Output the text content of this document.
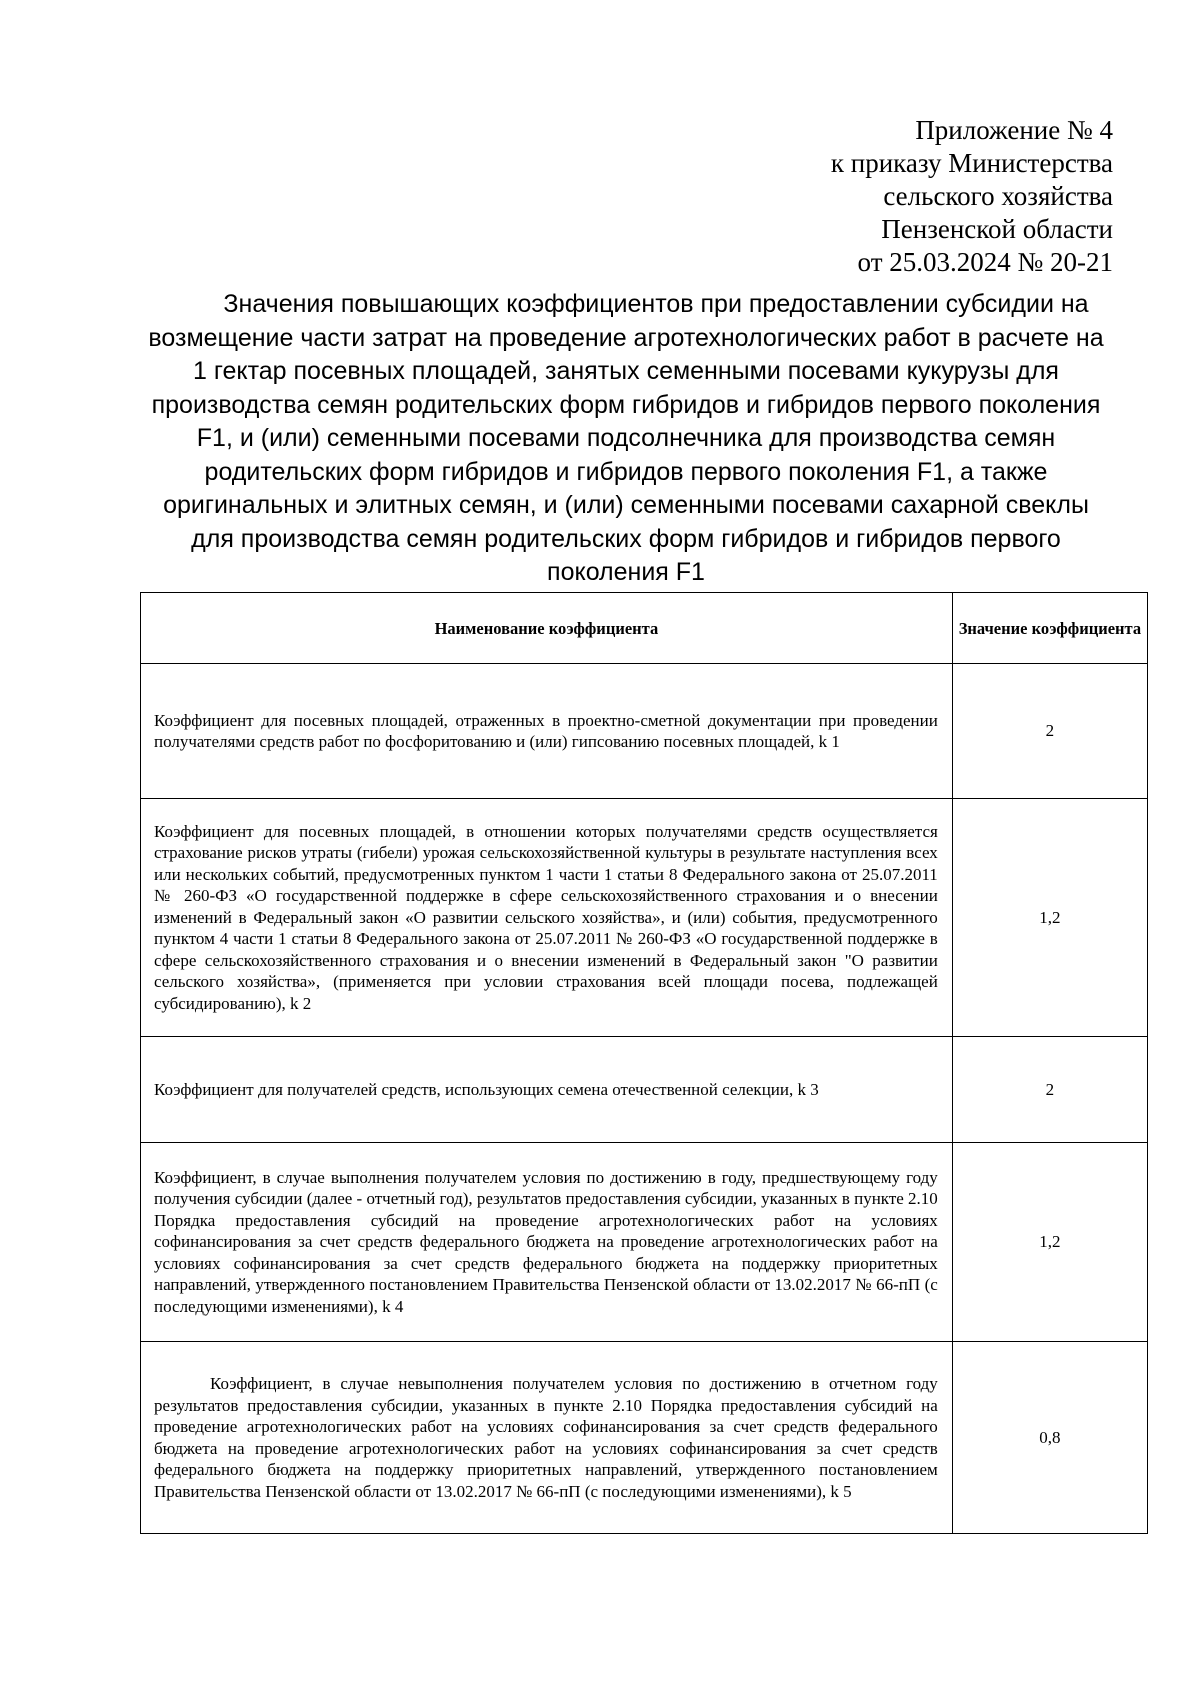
Приложение № 4
к приказу Министерства
сельского хозяйства
Пензенской области
от 25.03.2024 № 20-21

Значения повышающих коэффициентов при предоставлении субсидии на возмещение части затрат на проведение агротехнологических работ в расчете на 1 гектар посевных площадей, занятых семенными посевами кукурузы для производства семян родительских форм гибридов и гибридов первого поколения F1, и (или) семенными посевами подсолнечника для производства семян родительских форм гибридов и гибридов первого поколения F1, а также оригинальных и элитных семян, и (или) семенными посевами сахарной свеклы для производства семян родительских форм гибридов и гибридов первого поколения F1

Наименование коэффициента	Значение коэффициента
Коэффициент для посевных площадей, отраженных в проектно-сметной документации при проведении получателями средств работ по фосфоритованию и (или) гипсованию посевных площадей, k 1	2
Коэффициент для посевных площадей, в отношении которых получателями средств осуществляется страхование рисков утраты (гибели) урожая сельскохозяйственной культуры в результате наступления всех или нескольких событий, предусмотренных пунктом 1 части 1 статьи 8 Федерального закона от 25.07.2011 № 260-ФЗ «О государственной поддержке в сфере сельскохозяйственного страхования и о внесении изменений в Федеральный закон «О развитии сельского хозяйства», и (или) события, предусмотренного пунктом 4 части 1 статьи 8 Федерального закона от 25.07.2011 № 260-ФЗ «О государственной поддержке в сфере сельскохозяйственного страхования и о внесении изменений в Федеральный закон "О развитии сельского хозяйства», (применяется при условии страхования всей площади посева, подлежащей субсидированию), k 2	1,2
Коэффициент для получателей средств, использующих семена отечественной селекции, k 3	2
Коэффициент, в случае выполнения получателем условия по достижению в году, предшествующему году получения субсидии (далее - отчетный год), результатов предоставления субсидии, указанных в пункте 2.10 Порядка предоставления субсидий на проведение агротехнологических работ на условиях софинансирования за счет средств федерального бюджета на проведение агротехнологических работ на условиях софинансирования за счет средств федерального бюджета на поддержку приоритетных направлений, утвержденного постановлением Правительства Пензенской области от 13.02.2017 № 66-пП (с последующими изменениями), k 4	1,2
Коэффициент, в случае невыполнения получателем условия по достижению в отчетном году результатов предоставления субсидии, указанных в пункте 2.10 Порядка предоставления субсидий на проведение агротехнологических работ на условиях софинансирования за счет средств федерального бюджета на проведение агротехнологических работ на условиях софинансирования за счет средств федерального бюджета на поддержку приоритетных направлений, утвержденного постановлением Правительства Пензенской области от 13.02.2017 № 66-пП (с последующими изменениями), k 5	0,8
